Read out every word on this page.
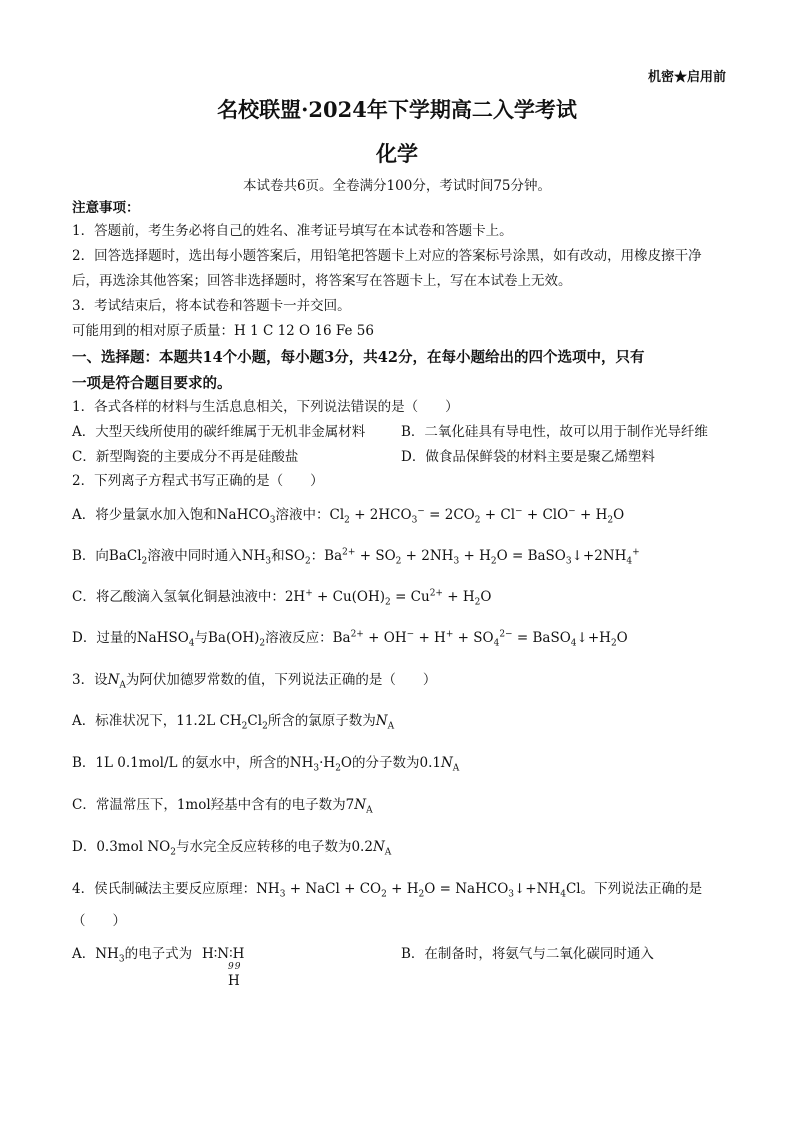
机密★启用前
名校联盟·2024年下学期高二入学考试
化学
本试卷共6页。全卷满分100分，考试时间75分钟。
注意事项：
1．答题前，考生务必将自己的姓名、准考证号填写在本试卷和答题卡上。
2．回答选择题时，选出每小题答案后，用铅笔把答题卡上对应的答案标号涂黑，如有改动，用橡皮擦干净
后，再选涂其他答案；回答非选择题时，将答案写在答题卡上，写在本试卷上无效。
3．考试结束后，将本试卷和答题卡一并交回。
可能用到的相对原子质量：H 1 C 12 O 16 Fe 56
一、选择题：本题共14个小题，每小题3分，共42分，在每小题给出的四个选项中，只有
一项是符合题目要求的。
1．各式各样的材料与生活息息相关，下列说法错误的是（　　）
A．大型天线所使用的碳纤维属于无机非金属材料	B．二氧化硅具有导电性，故可以用于制作光导纤维
C．新型陶瓷的主要成分不再是硅酸盐	D．做食品保鲜袋的材料主要是聚乙烯塑料
2．下列离子方程式书写正确的是（　　）
A．将少量氯水加入饱和NaHCO$_3$溶液中：$Cl_2 + 2HCO_3^- = 2CO_2 + Cl^- + ClO^- + H_2O$
B．向BaCl$_2$溶液中同时通入$NH_3$和$SO_2$：$Ba^{2+} + SO_2 + 2NH_3 + H_2O$ = $BaSO_3↓+2NH_4^+$
C．将乙酸滴入氢氧化铜悬浊液中：$2H^+ + Cu(OH)_2 = Cu^{2+} + H_2O$
D．过量的NaHSO$_4$与$Ba(OH)_2$溶液反应：$Ba^{2+} + OH^- + H^+ + SO_4^{2-}$ = $BaSO_4↓+H_2O$
3．设$N_A$为阿伏加德罗常数的值，下列说法正确的是（　　）
A．标准状况下，11.2L $CH_2Cl_2$所含的氯原子数为$N_A$
B．1L 0.1mol/L 的氨水中，所含的$NH_3\cdot H_2O$的分子数为$0.1N_A$
C．常温常压下，1mol羟基中含有的电子数为$7N_A$
D．0.3mol $NO_2$与水完全反应转移的电子数为$0.2N_A$
4．侯氏制碱法主要反应原理：$NH_3$ + NaCl + $CO_2 + H_2O$ = $NaHCO_3↓+NH_4Cl$。下列说法正确的是
（　　）
A．$NH_3$的电子式为 H∶N∶H
99
H
B．在制备时，将氨气与二氧化碳同时通入
